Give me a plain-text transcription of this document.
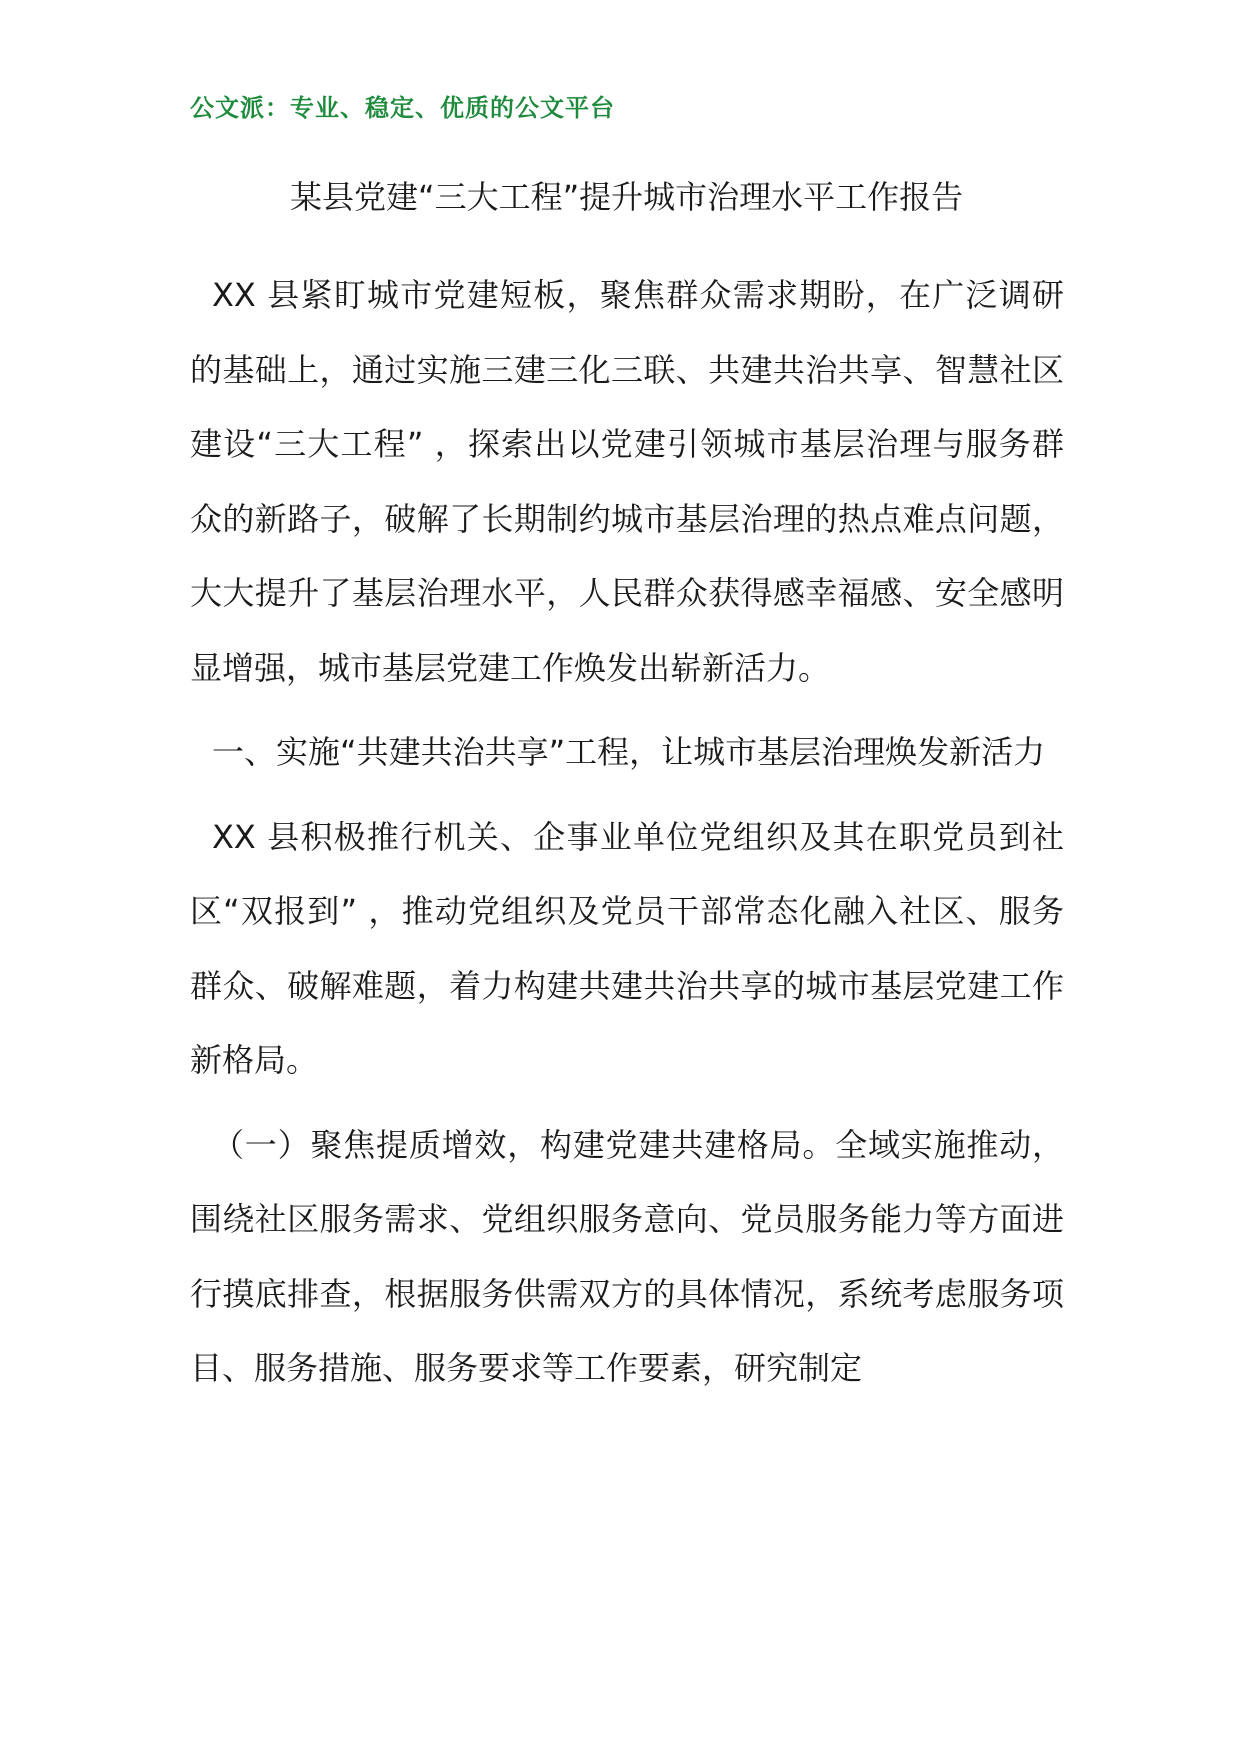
公文派：专业、稳定、优质的公文平台
某县党建“三大工程”提升城市治理水平工作报告

XX 县紧盯城市党建短板，聚焦群众需求期盼，在广泛调研的基础上，通过实施三建三化三联、共建共治共享、智慧社区建设“三大工程” ，探索出以党建引领城市基层治理与服务群众的新路子，破解了长期制约城市基层治理的热点难点问题，大大提升了基层治理水平，人民群众获得感幸福感、安全感明显增强，城市基层党建工作焕发出崭新活力。

一、实施“共建共治共享”工程，让城市基层治理焕发新活力

XX 县积极推行机关、企事业单位党组织及其在职党员到社区“双报到” ，推动党组织及党员干部常态化融入社区、服务群众、破解难题，着力构建共建共治共享的城市基层党建工作新格局。

（一）聚焦提质增效，构建党建共建格局。全域实施推动，围绕社区服务需求、党组织服务意向、党员服务能力等方面进行摸底排查，根据服务供需双方的具体情况，系统考虑服务项目、服务措施、服务要求等工作要素，研究制定
